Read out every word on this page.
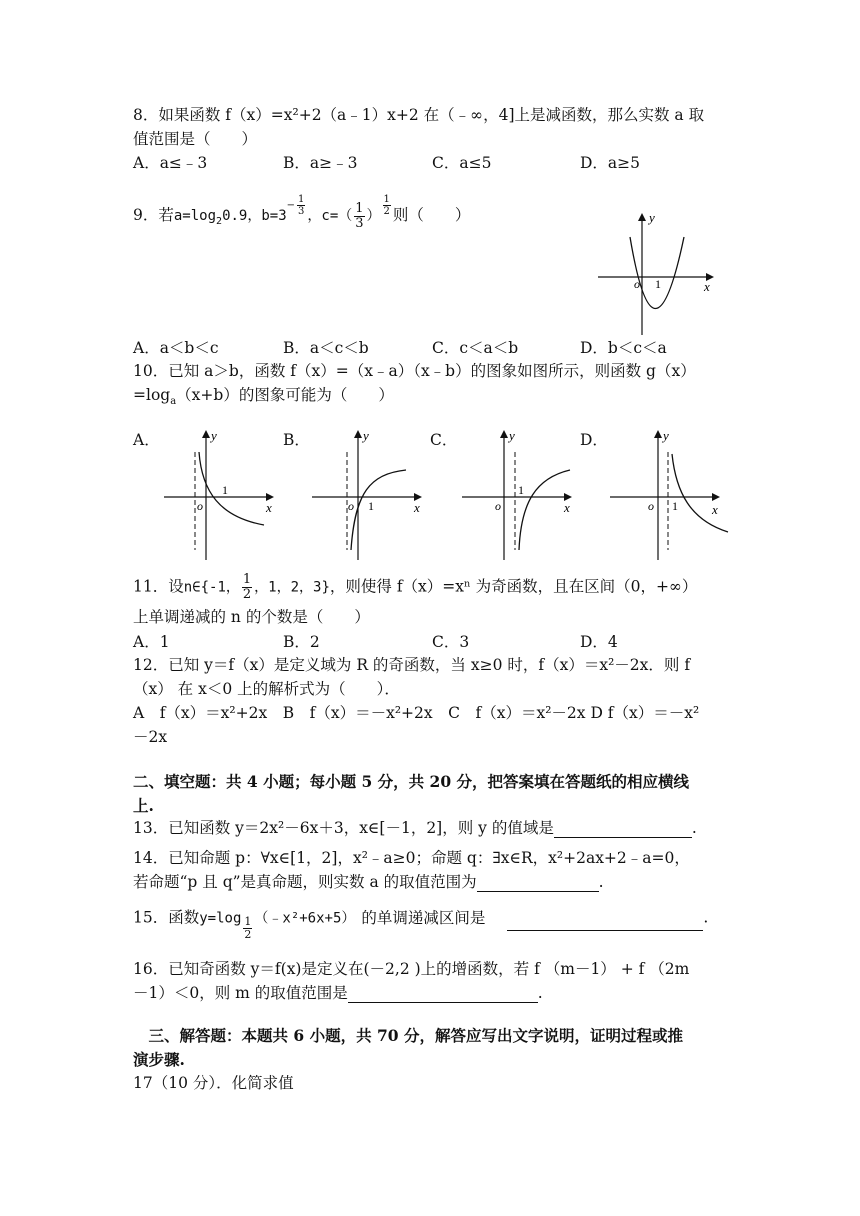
8．如果函数 f（x）=x²+2（a﹣1）x+2 在（﹣∞，4]上是减函数，那么实数 a 取
值范围是（　　）
A．a≤﹣3	B．a≥﹣3	C．a≤5	D．a≥5
9．若$a=\log_20.9$，$b=3^{- \frac{1}{3}}$ ，$c=( \frac{1}{3}$ ） $^{\frac{1}{2}}$ 则（　　）	y
x
o 1
A．a＜b＜c	B．a＜c＜b	C．c＜a＜b	D．b＜c＜a
10．已知 a＞b，函数 f（x）=（x﹣a）（x﹣b）的图象如图所示，则函数 g（x）
$=\log_a(x+b)$的图象可能为（　　）
A．	B．	C．	D．
y
x
o
1
y
x
o 1
y
x
o
1
y
x
o 1
11．设n∈{-1， $\frac{1}{2}$ ，1，2，3}，则使得 f（x）=xⁿ 为奇函数，且在区间（0，+∞）
上单调递减的 n 的个数是（　　）
A．1	B．2	C．3	D．4
12．已知 y＝f（x）是定义域为 R 的奇函数，当 x≥0 时，f（x）＝x²－2x．则 f
（x） 在 x＜0 上的解析式为（　　）．
A　f（x）＝x²+2x　B　f（x）＝－x²+2x　C　f（x）＝x²－2x D f（x）＝－x²
－2x
二、填空题：共 4 小题；每小题 5 分，共 20 分，把答案填在答题纸的相应横线
上.
13．已知函数 y＝2x²－6x＋3，x∈[－1，2]，则 y 的值域是	.
14．已知命题 p：∀x∈[1，2]，x²﹣a≥0；命题 q：∃x∈R，x²+2ax+2﹣a=0，
若命题“p 且 q”是真命题，则实数 a 的取值范围为	.
15．函数$y=\log \frac{1}{2}$ （﹣x²+6x+5） 的单调递减区间是	.
16．已知奇函数 y＝f(x)是定义在(－2,2 )上的增函数，若 f （m－1） + f （2m
－1）＜0，则 m 的取值范围是	.
　三、解答题：本题共 6 小题，共 70 分，解答应写出文字说明，证明过程或推
演步骤.
17（10 分）．化简求值
